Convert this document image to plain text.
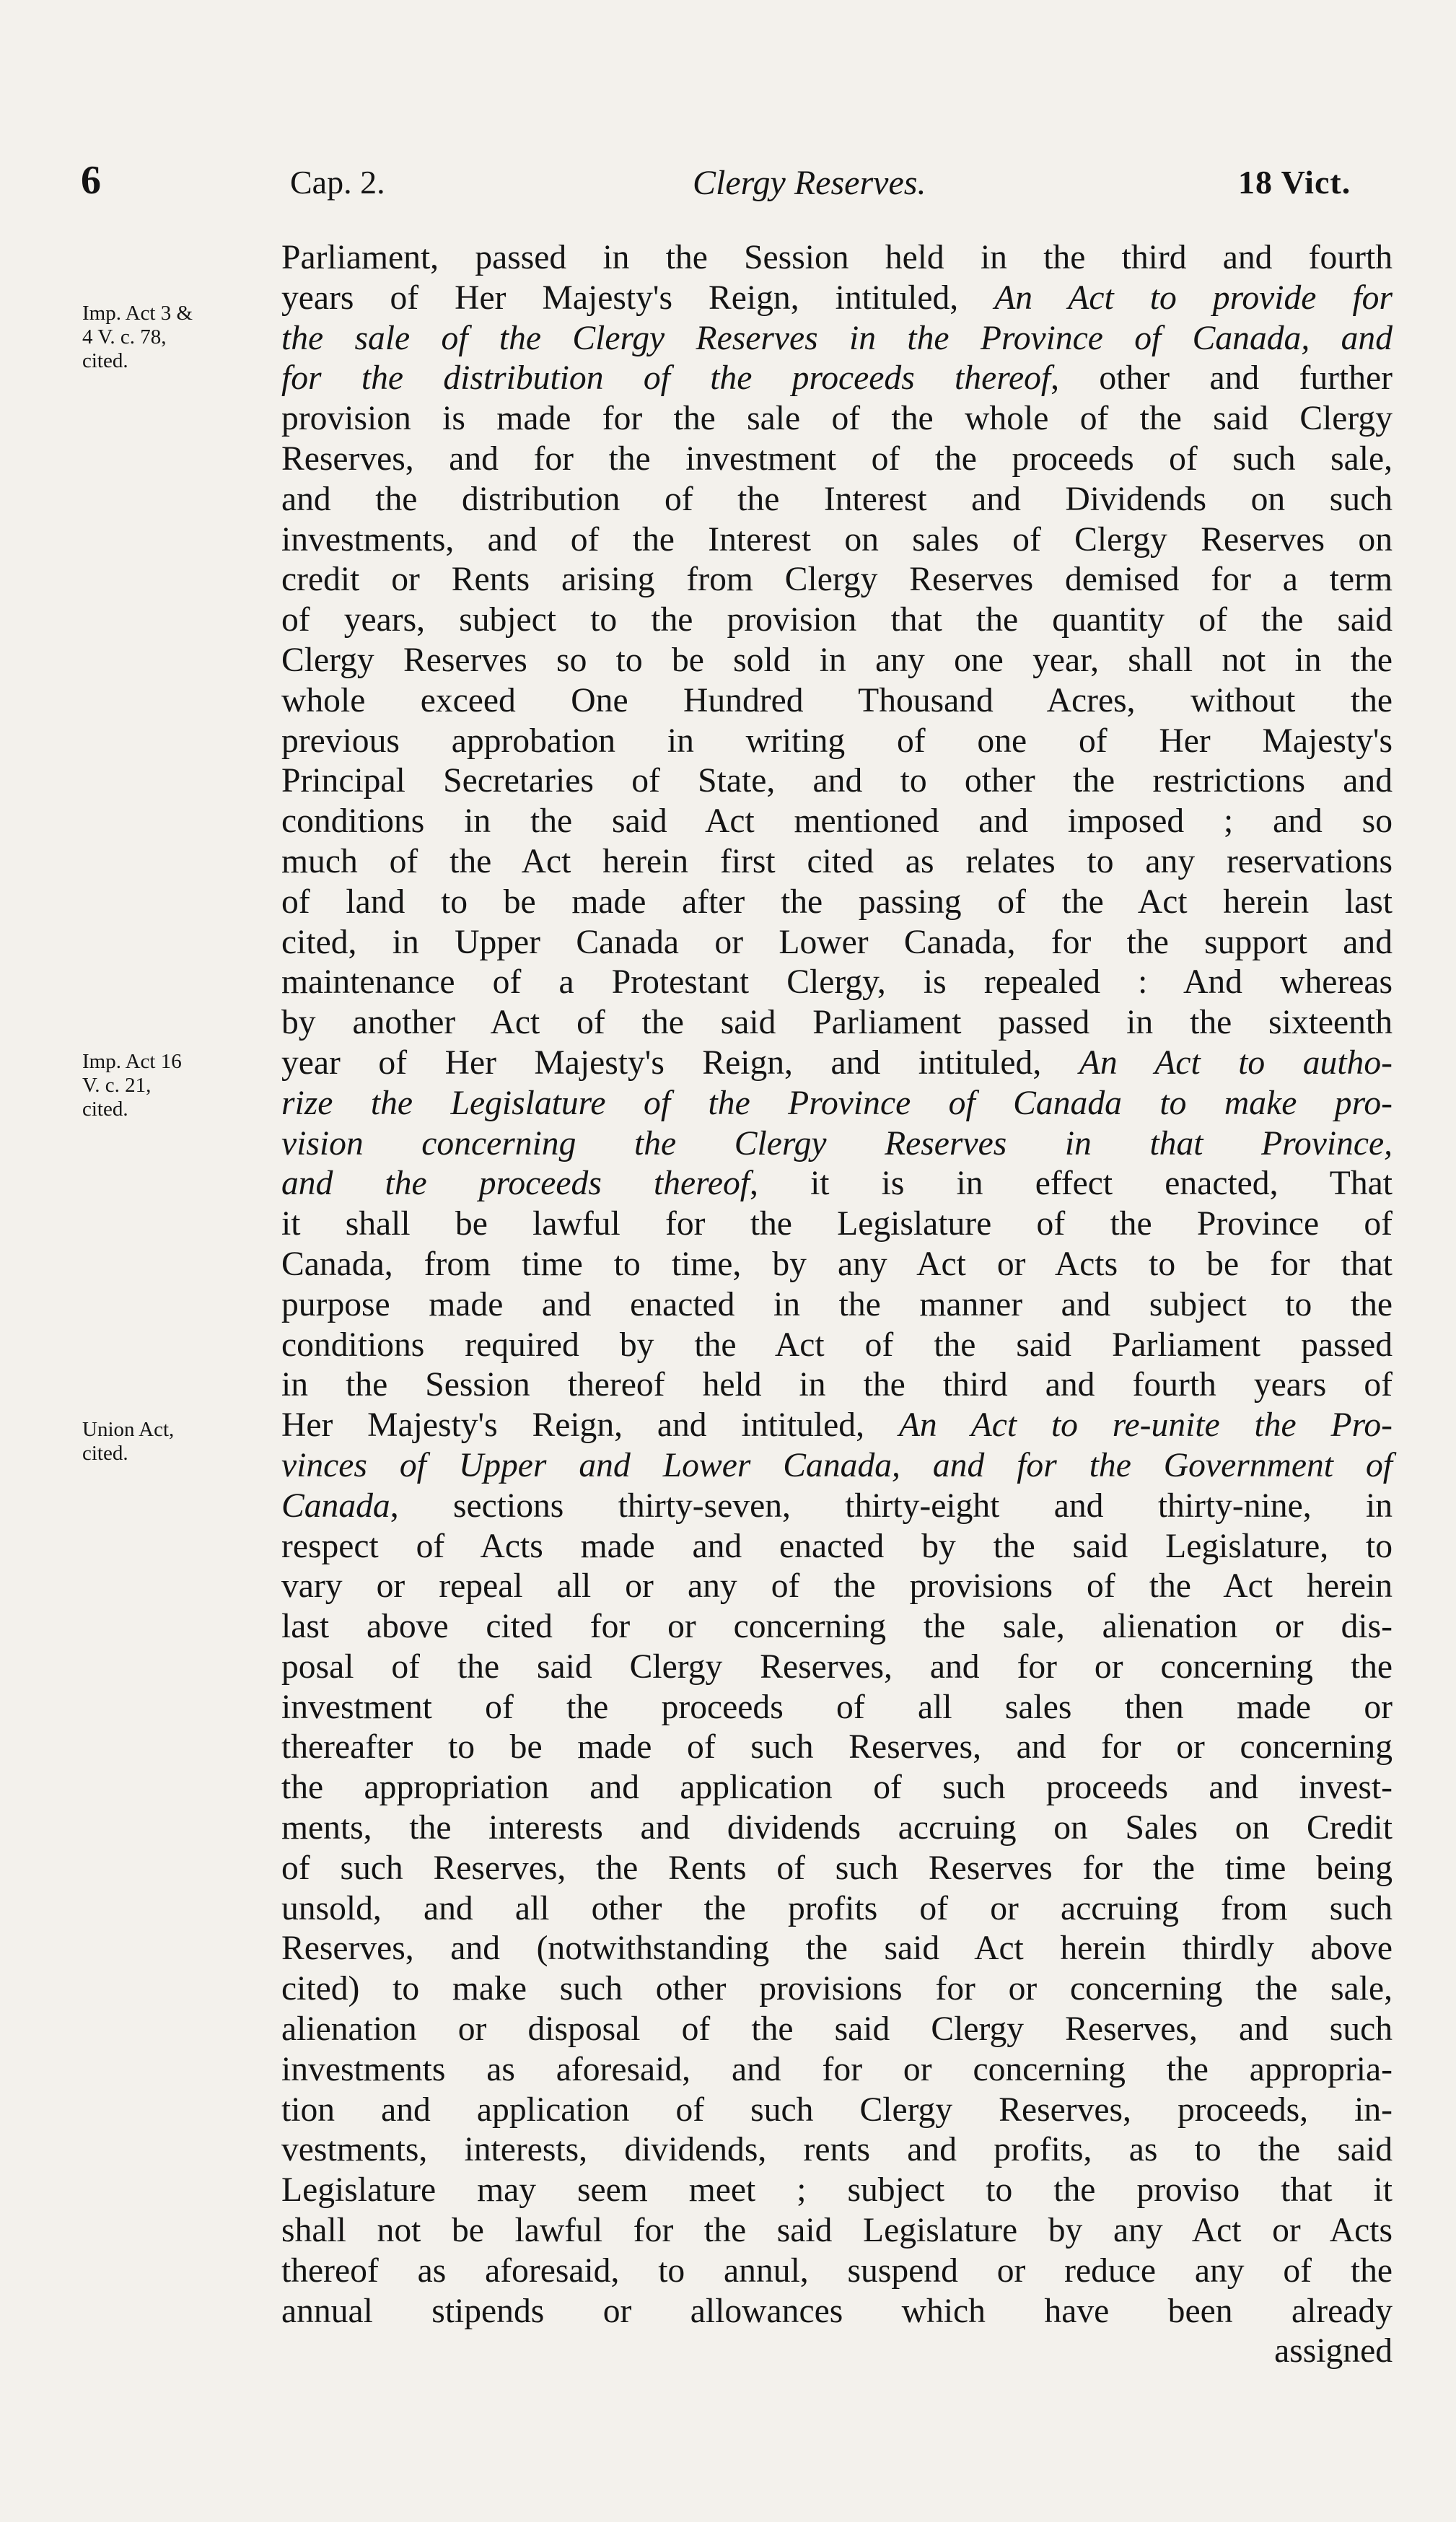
6	Cap. 2.	Clergy Reserves.	18 Vict.
Imp. Act 3 &
4 V. c. 78,
cited.
Imp. Act 16
V. c. 21,
cited.
Union Act,
cited.
Parliament, passed in the Session held in the third and fourth
years of Her Majesty's Reign, intituled, An Act to provide for
the sale of the Clergy Reserves in the Province of Canada, and
for the distribution of the proceeds thereof, other and further
provision is made for the sale of the whole of the said Clergy
Reserves, and for the investment of the proceeds of such sale,
and the distribution of the Interest and Dividends on such
investments, and of the Interest on sales of Clergy Reserves on
credit or Rents arising from Clergy Reserves demised for a term
of years, subject to the provision that the quantity of the said
Clergy Reserves so to be sold in any one year, shall not in the
whole exceed One Hundred Thousand Acres, without the
previous approbation in writing of one of Her Majesty's
Principal Secretaries of State, and to other the restrictions and
conditions in the said Act mentioned and imposed ; and so
much of the Act herein first cited as relates to any reservations
of land to be made after the passing of the Act herein last
cited, in Upper Canada or Lower Canada, for the support and
maintenance of a Protestant Clergy, is repealed : And whereas
by another Act of the said Parliament passed in the sixteenth
year of Her Majesty's Reign, and intituled, An Act to autho-
rize the Legislature of the Province of Canada to make pro-
vision concerning the Clergy Reserves in that Province,
and the proceeds thereof, it is in effect enacted, That
it shall be lawful for the Legislature of the Province of
Canada, from time to time, by any Act or Acts to be for that
purpose made and enacted in the manner and subject to the
conditions required by the Act of the said Parliament passed
in the Session thereof held in the third and fourth years of
Her Majesty's Reign, and intituled, An Act to re-unite the Pro-
vinces of Upper and Lower Canada, and for the Government of
Canada, sections thirty-seven, thirty-eight and thirty-nine, in
respect of Acts made and enacted by the said Legislature, to
vary or repeal all or any of the provisions of the Act herein
last above cited for or concerning the sale, alienation or dis-
posal of the said Clergy Reserves, and for or concerning the
investment of the proceeds of all sales then made or
thereafter to be made of such Reserves, and for or concerning
the appropriation and application of such proceeds and invest-
ments, the interests and dividends accruing on Sales on Credit
of such Reserves, the Rents of such Reserves for the time being
unsold, and all other the profits of or accruing from such
Reserves, and (notwithstanding the said Act herein thirdly above
cited) to make such other provisions for or concerning the sale,
alienation or disposal of the said Clergy Reserves, and such
investments as aforesaid, and for or concerning the appropria-
tion and application of such Clergy Reserves, proceeds, in-
vestments, interests, dividends, rents and profits, as to the said
Legislature may seem meet ; subject to the proviso that it
shall not be lawful for the said Legislature by any Act or Acts
thereof as aforesaid, to annul, suspend or reduce any of the
annual stipends or allowances which have been already
assigned
